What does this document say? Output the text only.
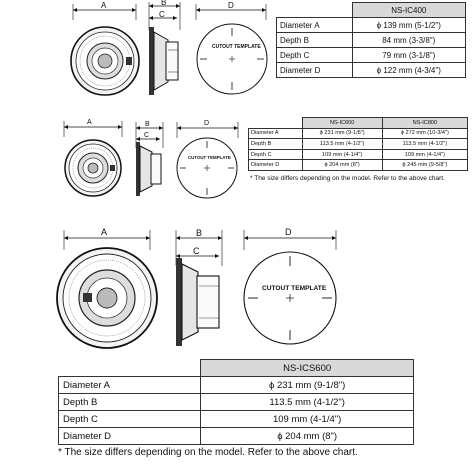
A	B
C
D
CUTOUT TEMPLATE
A	B
C
D
CUTOUT TEMPLATE
A	B
C
D
CUTOUT TEMPLATE
	NS-IC400
Diameter A	ϕ 139 mm (5-1/2")
Depth B	84 mm (3-3/8")
Depth C	79 mm (3-1/8")
Diameter D	ϕ 122 mm (4-3/4")
	NS-IC600	NS-IC800
Diameter A	ϕ 231 mm (9-1/8")	ϕ 272 mm (10-3/4")
Depth B	113.5 mm (4-1/2")	113.5 mm (4-1/2")
Depth C	109 mm (4-1/4")	109 mm (4-1/4")
Diameter D	ϕ 204 mm (8")	ϕ 245 mm (9-5/8")
* The size differs depending on the model. Refer to the above chart.
	NS-ICS600
Diameter A	ϕ 231 mm (9-1/8")
Depth B	113.5 mm (4-1/2")
Depth C	109 mm (4-1/4")
Diameter D	ϕ 204 mm (8")
* The size differs depending on the model. Refer to the above chart.
